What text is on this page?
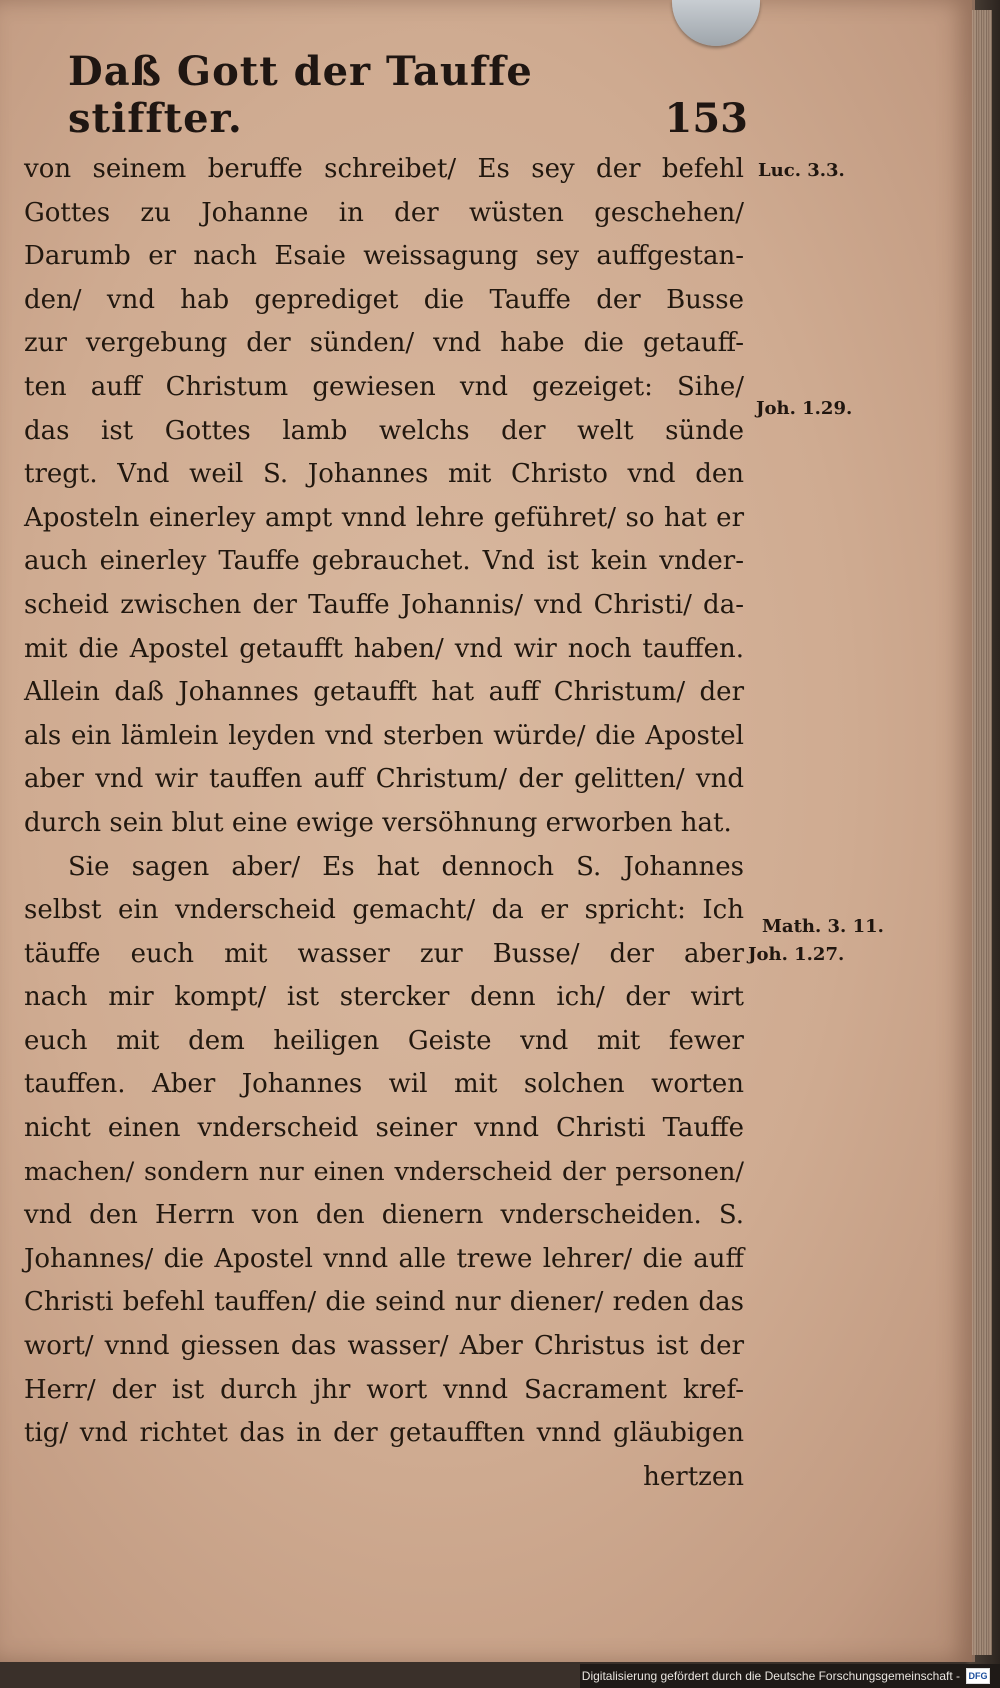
Daß Gott der Tauffe stiffter.	153
von seinem beruffe schreibet/ Es sey der befehl
Gottes zu Johanne in der wüsten geschehen/
Darumb er nach Esaie weissagung sey auffgestan-
den/ vnd hab geprediget die Tauffe der Busse
zur vergebung der sünden/ vnd habe die getauff-
ten auff Christum gewiesen vnd gezeiget: Sihe/
das ist Gottes lamb welchs der welt sünde
tregt. Vnd weil S. Johannes mit Christo vnd den
Aposteln einerley ampt vnnd lehre geführet/ so hat er
auch einerley Tauffe gebrauchet. Vnd ist kein vnder-
scheid zwischen der Tauffe Johannis/ vnd Christi/ da-
mit die Apostel getaufft haben/ vnd wir noch tauffen.
Allein daß Johannes getaufft hat auff Christum/ der
als ein lämlein leyden vnd sterben würde/ die Apostel
aber vnd wir tauffen auff Christum/ der gelitten/ vnd
durch sein blut eine ewige versöhnung erworben hat.
Sie sagen aber/ Es hat dennoch S. Johannes
selbst ein vnderscheid gemacht/ da er spricht: Ich
täuffe euch mit wasser zur Busse/ der aber
nach mir kompt/ ist stercker denn ich/ der wirt
euch mit dem heiligen Geiste vnd mit fewer
tauffen. Aber Johannes wil mit solchen worten
nicht einen vnderscheid seiner vnnd Christi Tauffe
machen/ sondern nur einen vnderscheid der personen/
vnd den Herrn von den dienern vnderscheiden. S.
Johannes/ die Apostel vnnd alle trewe lehrer/ die auff
Christi befehl tauffen/ die seind nur diener/ reden das
wort/ vnnd giessen das wasser/ Aber Christus ist der
Herr/ der ist durch jhr wort vnnd Sacrament kref-
tig/ vnd richtet das in der getaufften vnnd gläubigen
hertzen
Luc. 3.3.
Joh. 1.29.
Math. 3. 11.
Joh. 1.27.
Digitalisierung gefördert durch die Deutsche Forschungsgemeinschaft - DFG
